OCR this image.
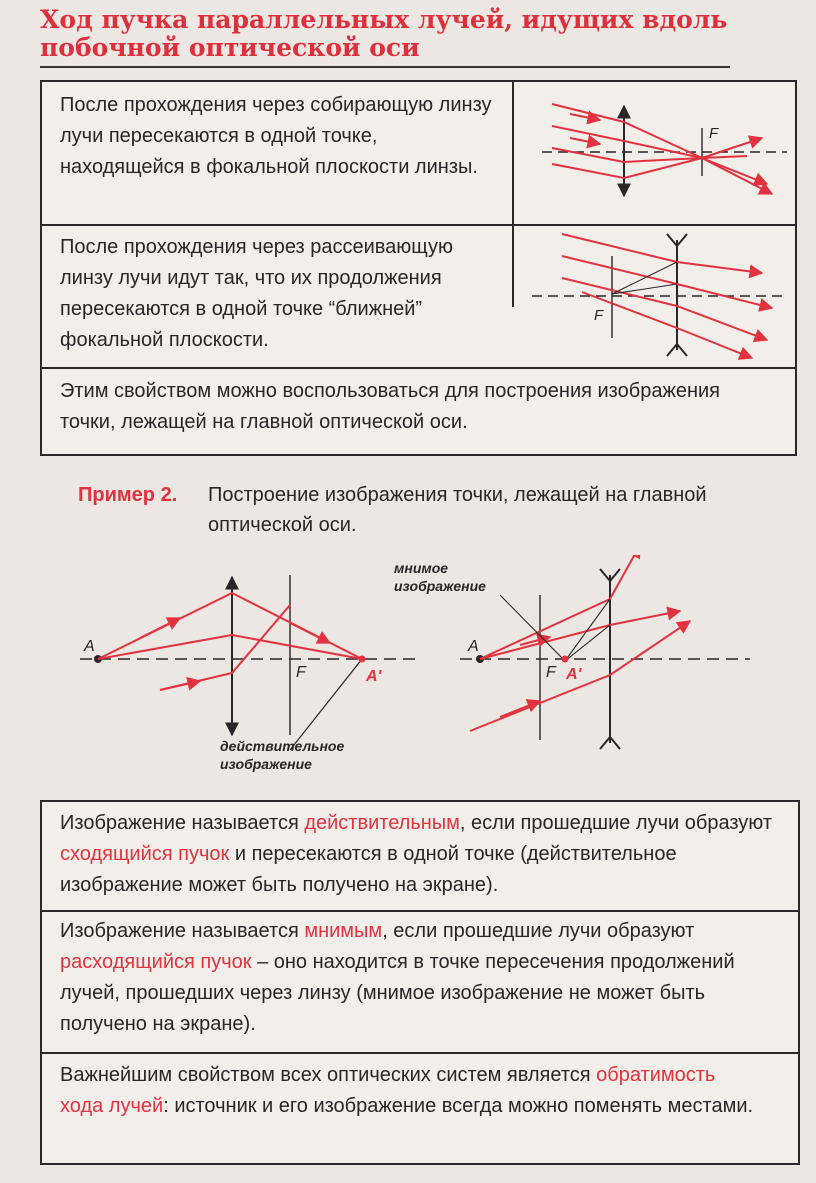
Ход пучка параллельных лучей, идущих вдоль побочной оптической оси

После прохождения через собирающую линзу лучи пересекаются в одной точке, находящейся в фокальной плоскости линзы.

После прохождения через рассеивающую линзу лучи идут так, что их продолжения пересекаются в одной точке “ближней” фокальной плоскости.

Этим свойством можно воспользоваться для построения изображения точки, лежащей на главной оптической оси.

F
F
Пример 2. Построение изображения точки, лежащей на главной оптической оси.
A
F	A'
действительное
изображение
мнимое
изображение
A
F A'

Изображение называется действительным, если прошедшие лучи образуют сходящийся пучок и пересекаются в одной точке (действительное изображение может быть получено на экране).

Изображение называется мнимым, если прошедшие лучи образуют расходящийся пучок – оно находится в точке пересечения продолжений лучей, прошедших через линзу (мнимое изображение не может быть получено на экране).

Важнейшим свойством всех оптических систем является обратимость хода лучей: источник и его изображение всегда можно поменять местами.
